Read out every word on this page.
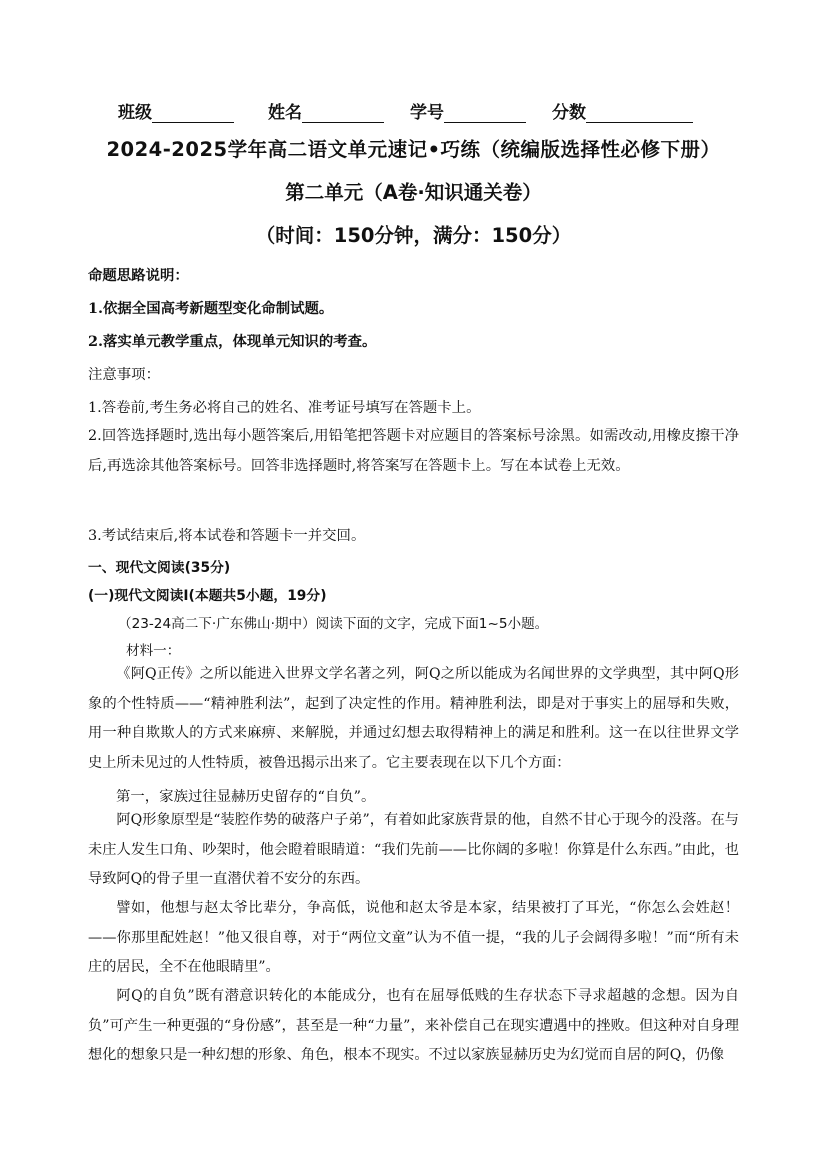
班级	姓名	学号	分数
2024-2025学年高二语文单元速记•巧练（统编版选择性必修下册）
第二单元（A卷·知识通关卷）
（时间：150分钟，满分：150分）
命题思路说明：
1.依据全国高考新题型变化命制试题。
2.落实单元教学重点，体现单元知识的考查。
注意事项：
1.答卷前,考生务必将自己的姓名、准考证号填写在答题卡上。
2.回答选择题时,选出每小题答案后,用铅笔把答题卡对应题目的答案标号涂黑。如需改动,用橡皮擦干净后,再选涂其他答案标号。回答非选择题时,将答案写在答题卡上。写在本试卷上无效。
3.考试结束后,将本试卷和答题卡一并交回。
一、现代文阅读(35分)
(一)现代文阅读Ⅰ(本题共5小题，19分)
（23-24高二下·广东佛山·期中）阅读下面的文字，完成下面1~5小题。
材料一：
《阿Q正传》之所以能进入世界文学名著之列，阿Q之所以能成为名闻世界的文学典型，其中阿Q形象的个性特质——“精神胜利法”，起到了决定性的作用。精神胜利法，即是对于事实上的屈辱和失败，用一种自欺欺人的方式来麻痹、来解脱，并通过幻想去取得精神上的满足和胜利。这一在以往世界文学史上所未见过的人性特质，被鲁迅揭示出来了。它主要表现在以下几个方面：
第一，家族过往显赫历史留存的“自负”。
阿Q形象原型是“装腔作势的破落户子弟”，有着如此家族背景的他，自然不甘心于现今的没落。在与未庄人发生口角、吵架时，他会瞪着眼睛道：“我们先前——比你阔的多啦！你算是什么东西。”由此，也导致阿Q的骨子里一直潜伏着不安分的东西。
譬如，他想与赵太爷比辈分，争高低，说他和赵太爷是本家，结果被打了耳光，“你怎么会姓赵！——你那里配姓赵！”他又很自尊，对于“两位文童”认为不值一提，“我的儿子会阔得多啦！”而“所有未庄的居民，全不在他眼睛里”。
阿Q的自负”既有潜意识转化的本能成分，也有在屈辱低贱的生存状态下寻求超越的念想。因为自负”可产生一种更强的“身份感”，甚至是一种“力量”，来补偿自己在现实遭遇中的挫败。但这种对自身理想化的想象只是一种幻想的形象、角色，根本不现实。不过以家族显赫历史为幻觉而自居的阿Q，仍像
